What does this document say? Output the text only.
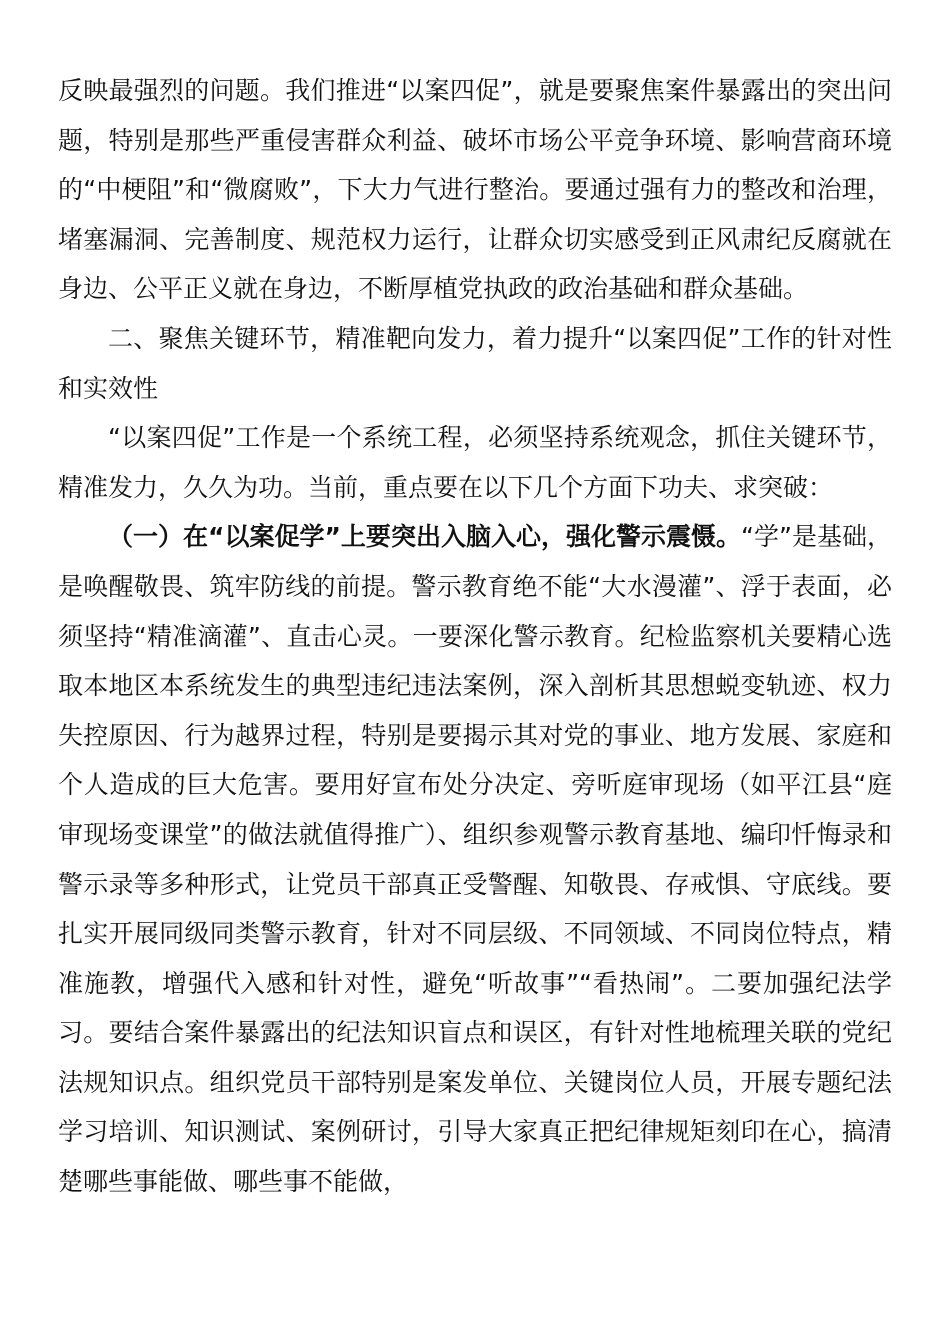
反映最强烈的问题。我们推进“以案四促”，就是要聚焦案件暴露出的突出问题，特别是那些严重侵害群众利益、破坏市场公平竞争环境、影响营商环境的“中梗阻”和“微腐败”，下大力气进行整治。要通过强有力的整改和治理，堵塞漏洞、完善制度、规范权力运行，让群众切实感受到正风肃纪反腐就在身边、公平正义就在身边，不断厚植党执政的政治基础和群众基础。

二、聚焦关键环节，精准靶向发力，着力提升“以案四促”工作的针对性和实效性

“以案四促”工作是一个系统工程，必须坚持系统观念，抓住关键环节，精准发力，久久为功。当前，重点要在以下几个方面下功夫、求突破：

（一）在“以案促学”上要突出入脑入心，强化警示震慑。“学”是基础，是唤醒敬畏、筑牢防线的前提。警示教育绝不能“大水漫灌”、浮于表面，必须坚持“精准滴灌”、直击心灵。一要深化警示教育。纪检监察机关要精心选取本地区本系统发生的典型违纪违法案例，深入剖析其思想蜕变轨迹、权力失控原因、行为越界过程，特别是要揭示其对党的事业、地方发展、家庭和个人造成的巨大危害。要用好宣布处分决定、旁听庭审现场（如平江县“庭审现场变课堂”的做法就值得推广）、组织参观警示教育基地、编印忏悔录和警示录等多种形式，让党员干部真正受警醒、知敬畏、存戒惧、守底线。要扎实开展同级同类警示教育，针对不同层级、不同领域、不同岗位特点，精准施教，增强代入感和针对性，避免“听故事”“看热闹”。二要加强纪法学习。要结合案件暴露出的纪法知识盲点和误区，有针对性地梳理关联的党纪法规知识点。组织党员干部特别是案发单位、关键岗位人员，开展专题纪法学习培训、知识测试、案例研讨，引导大家真正把纪律规矩刻印在心，搞清楚哪些事能做、哪些事不能做，
